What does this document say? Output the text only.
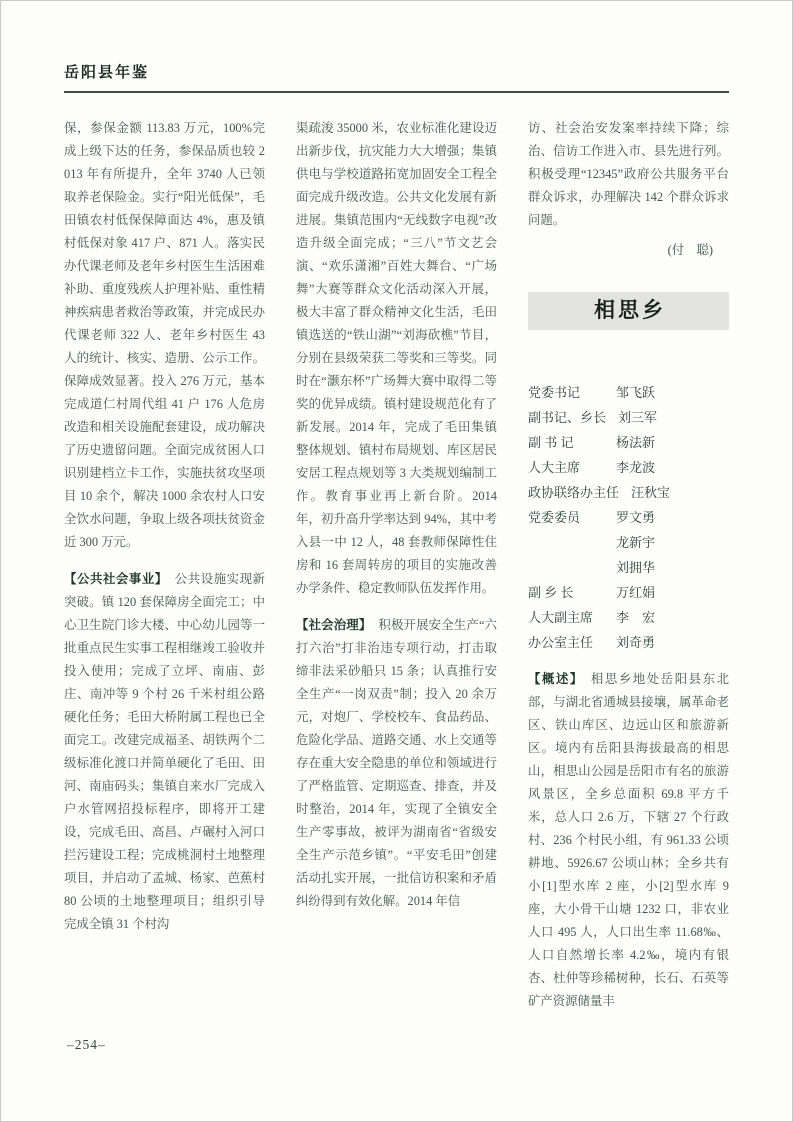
岳阳县年鉴

保，参保金额 113.83 万元，100%完成上级下达的任务，参保品质也较 2013 年有所提升，全年 3740 人已领取养老保险金。实行“阳光低保”，毛田镇农村低保保障面达 4%，惠及镇村低保对象 417 户、871 人。落实民办代课老师及老年乡村医生生活困难补助、重度残疾人护理补贴、重性精神疾病患者救治等政策，并完成民办代课老师 322 人、老年乡村医生 43 人的统计、核实、造册、公示工作。保障成效显著。投入 276 万元，基本完成道仁村周代组 41 户 176 人危房改造和相关设施配套建设，成功解决了历史遗留问题。全面完成贫困人口识别建档立卡工作，实施扶贫攻坚项目 10 余个，解决 1000 余农村人口安全饮水问题，争取上级各项扶贫资金近 300 万元。

【公共社会事业】 公共设施实现新突破。镇 120 套保障房全面完工；中心卫生院门诊大楼、中心幼儿园等一批重点民生实事工程相继竣工验收并投入使用；完成了立坪、南庙、彭庄、南冲等 9 个村 26 千米村组公路硬化任务；毛田大桥附属工程也已全面完工。改建完成福圣、胡铁两个二级标准化渡口并简单硬化了毛田、田河、南庙码头；集镇自来水厂完成入户水管网招投标程序，即将开工建设，完成毛田、高昌、卢碾村入河口拦污建设工程；完成桃洞村土地整理项目，并启动了孟城、杨家、芭蕉村 80 公顷的土地整理项目；组织引导完成全镇 31 个村沟

渠疏浚 35000 米，农业标准化建设迈出新步伐，抗灾能力大大增强；集镇供电与学校道路拓宽加固安全工程全面完成升级改造。公共文化发展有新进展。集镇范围内“无线数字电视”改造升级全面完成；“三八”节文艺会演、“欢乐潇湘”百姓大舞台、“广场舞”大赛等群众文化活动深入开展，极大丰富了群众精神文化生活，毛田镇选送的“铁山湖”“刘海砍樵”节目，分别在县级荣获二等奖和三等奖。同时在“灏东杯”广场舞大赛中取得二等奖的优异成绩。镇村建设规范化有了新发展。2014 年，完成了毛田集镇整体规划、镇村布局规划、库区居民安居工程点规划等 3 大类规划编制工作。教育事业再上新台阶。2014 年，初升高升学率达到 94%，其中考入县一中 12 人，48 套教师保障性住房和 16 套周转房的项目的实施改善办学条件、稳定教师队伍发挥作用。

【社会治理】 积极开展安全生产“六打六治”打非治违专项行动，打击取缔非法采砂船只 15 条；认真推行安全生产“一岗双责”制；投入 20 余万元，对炮厂、学校校车、食品药品、危险化学品、道路交通、水上交通等存在重大安全隐患的单位和领域进行了严格监管、定期巡查、排查，并及时整治，2014 年，实现了全镇安全生产零事故，被评为湖南省“省级安全生产示范乡镇”。“平安毛田”创建活动扎实开展，一批信访积案和矛盾纠纷得到有效化解。2014 年信

访、社会治安发案率持续下降；综治、信访工作进入市、县先进行列。积极受理“12345”政府公共服务平台群众诉求，办理解决 142 个群众诉求问题。

(付　聪)
相思乡
党委书记	邹飞跃
副书记、乡长 刘三军
副 书 记	杨法新
人大主席	李龙波
政协联络办主任 汪秋宝
党委委员	罗文勇
龙新宇
刘拥华
副 乡 长	万红娟
人大副主席	李　宏
办公室主任	刘奇勇

【概述】 相思乡地处岳阳县东北部，与湖北省通城县接壤，属革命老区、铁山库区、边远山区和旅游新区。境内有岳阳县海拔最高的相思山，相思山公园是岳阳市有名的旅游风景区，全乡总面积 69.8 平方千米，总人口 2.6 万，下辖 27 个行政村、236 个村民小组，有 961.33 公顷耕地、5926.67 公顷山林；全乡共有小[1]型水库 2 座，小[2]型水库 9 座，大小骨干山塘 1232 口，非农业人口 495 人，人口出生率 11.68‰、人口自然增长率 4.2‰，境内有银杏、杜仲等珍稀树种，长石、石英等矿产资源储量丰

–254–
